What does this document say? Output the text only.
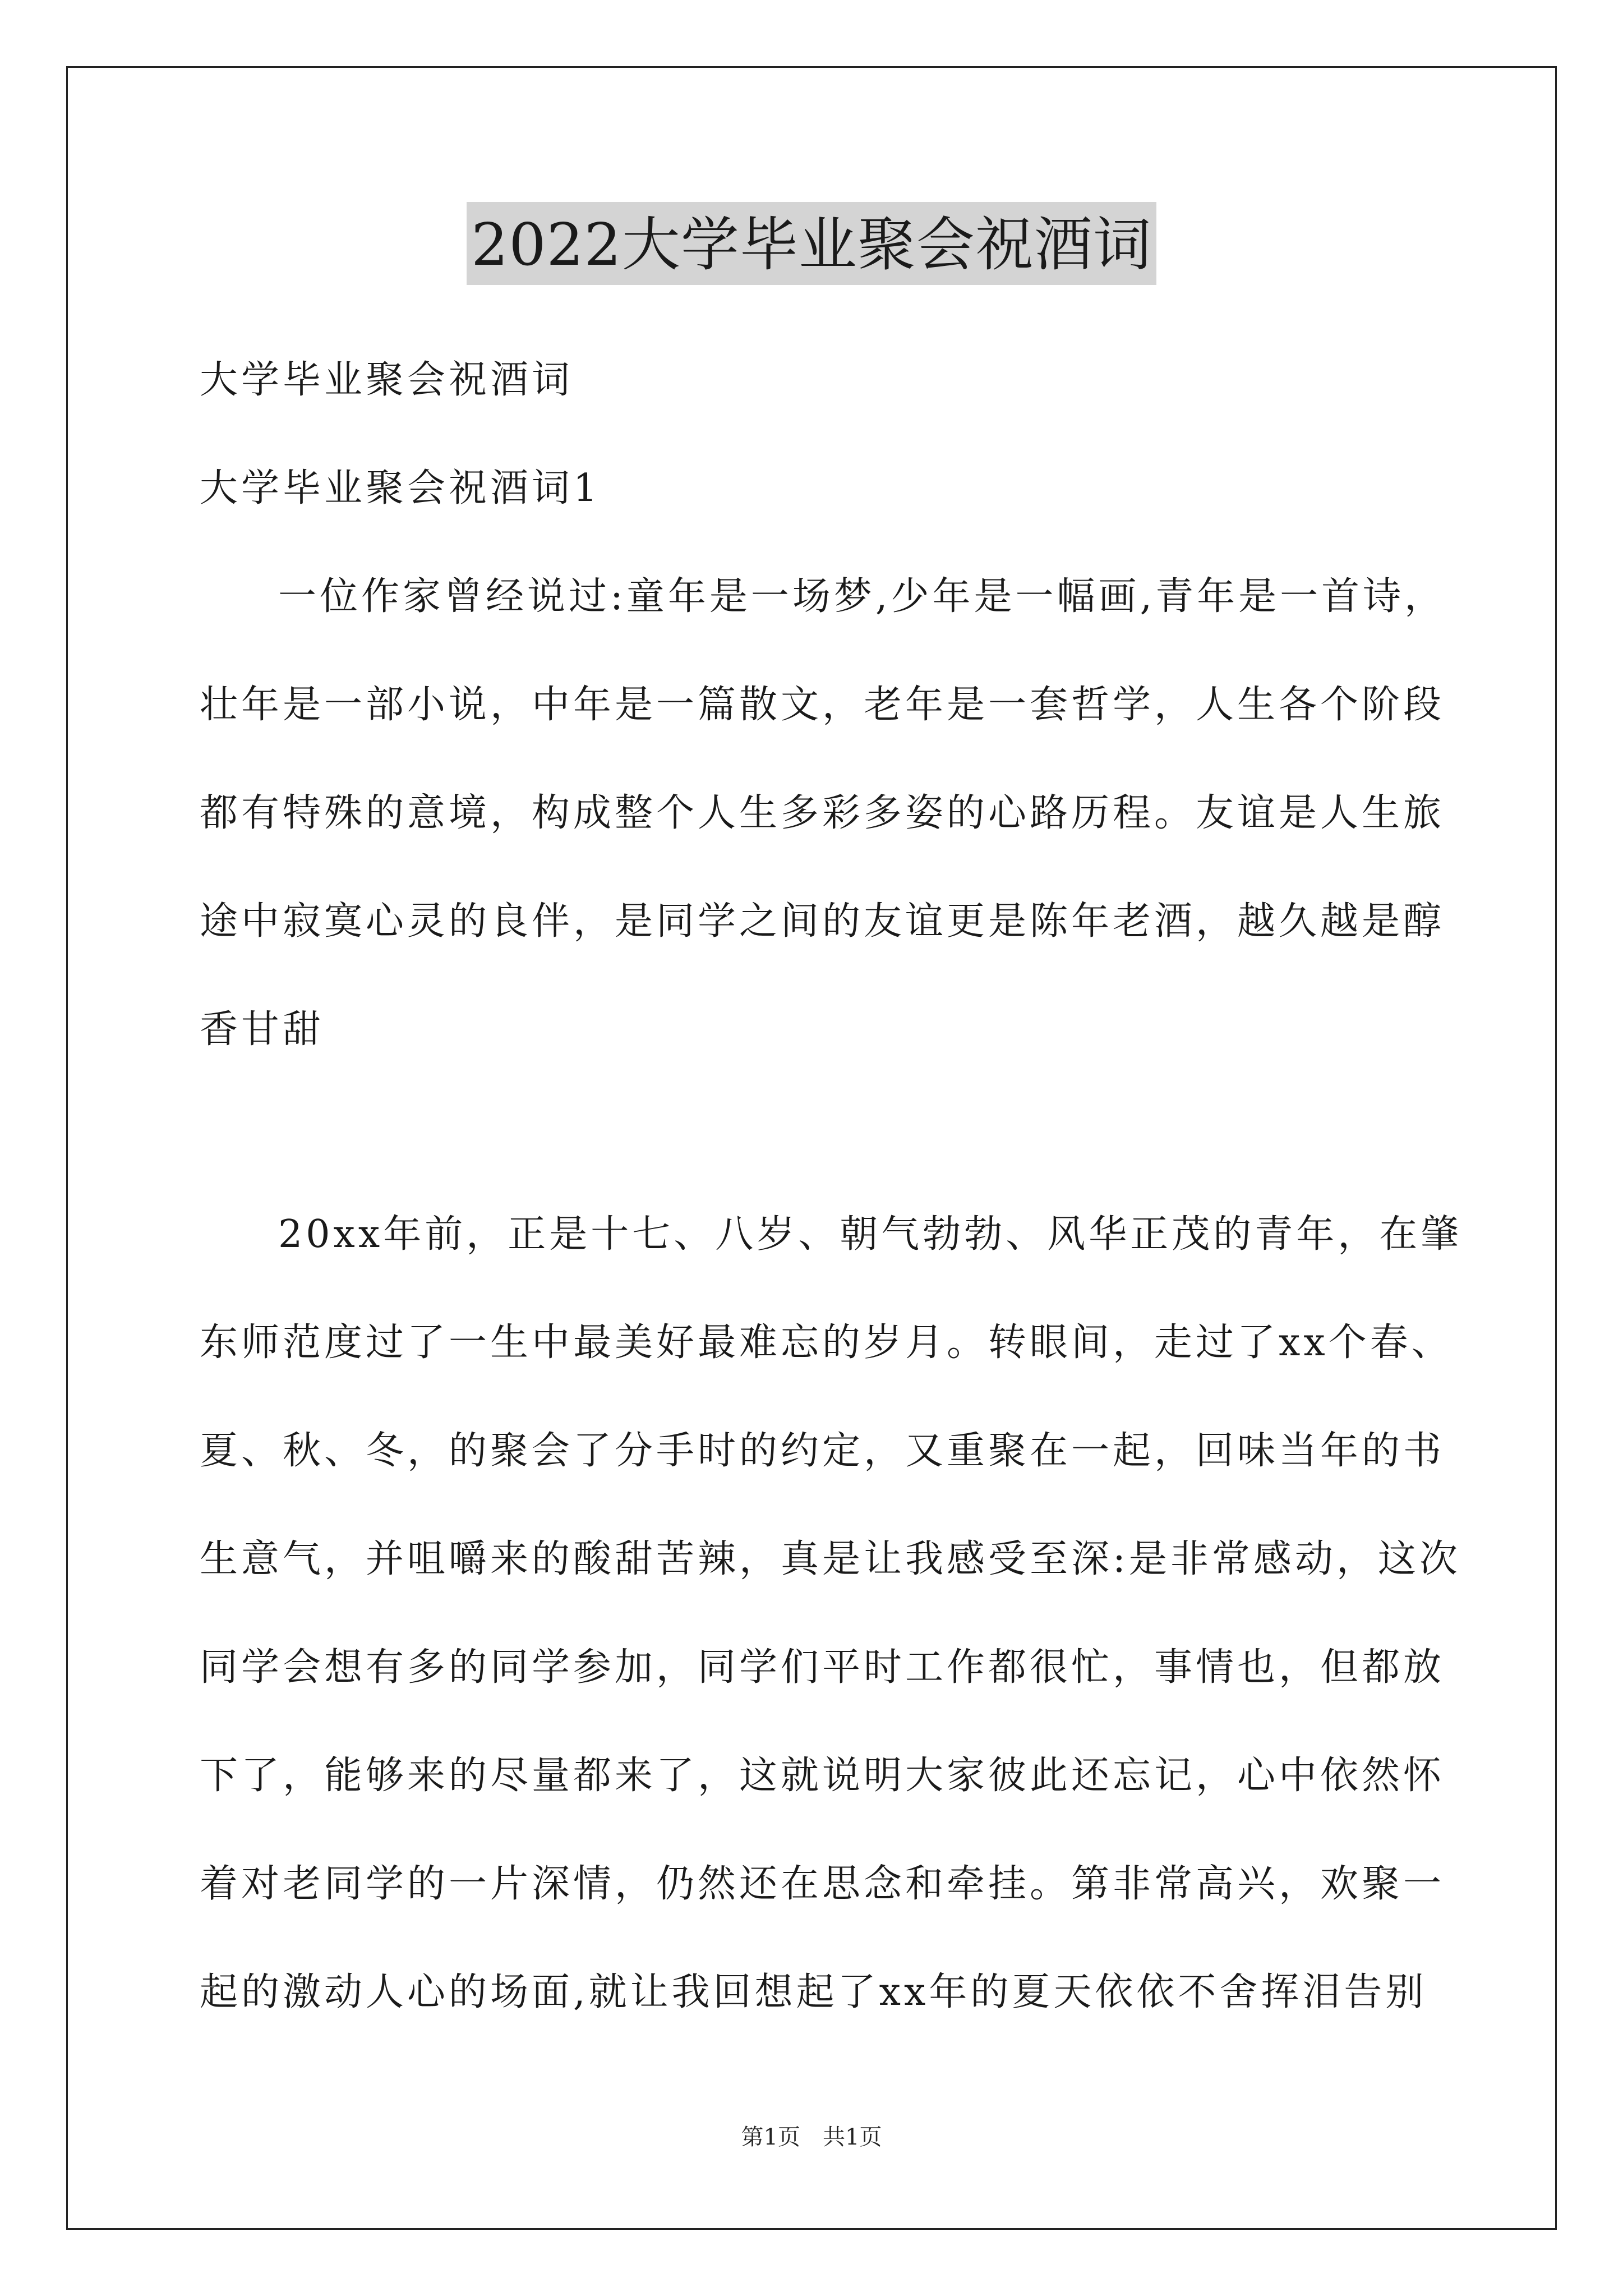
2022大学毕业聚会祝酒词
大学毕业聚会祝酒词
大学毕业聚会祝酒词1
一位作家曾经说过:童年是一场梦,少年是一幅画,青年是一首诗，
壮年是一部小说，中年是一篇散文，老年是一套哲学，人生各个阶段
都有特殊的意境，构成整个人生多彩多姿的心路历程。友谊是人生旅
途中寂寞心灵的良伴，是同学之间的友谊更是陈年老酒，越久越是醇
香甘甜
20xx年前，正是十七、八岁、朝气勃勃、风华正茂的青年，在肇
东师范度过了一生中最美好最难忘的岁月。转眼间，走过了xx个春、
夏、秋、冬，的聚会了分手时的约定，又重聚在一起，回味当年的书
生意气，并咀嚼来的酸甜苦辣，真是让我感受至深:是非常感动，这次
同学会想有多的同学参加，同学们平时工作都很忙，事情也，但都放
下了，能够来的尽量都来了，这就说明大家彼此还忘记，心中依然怀
着对老同学的一片深情，仍然还在思念和牵挂。第非常高兴，欢聚一
起的激动人心的场面,就让我回想起了xx年的夏天依依不舍挥泪告别
第1页　共1页
